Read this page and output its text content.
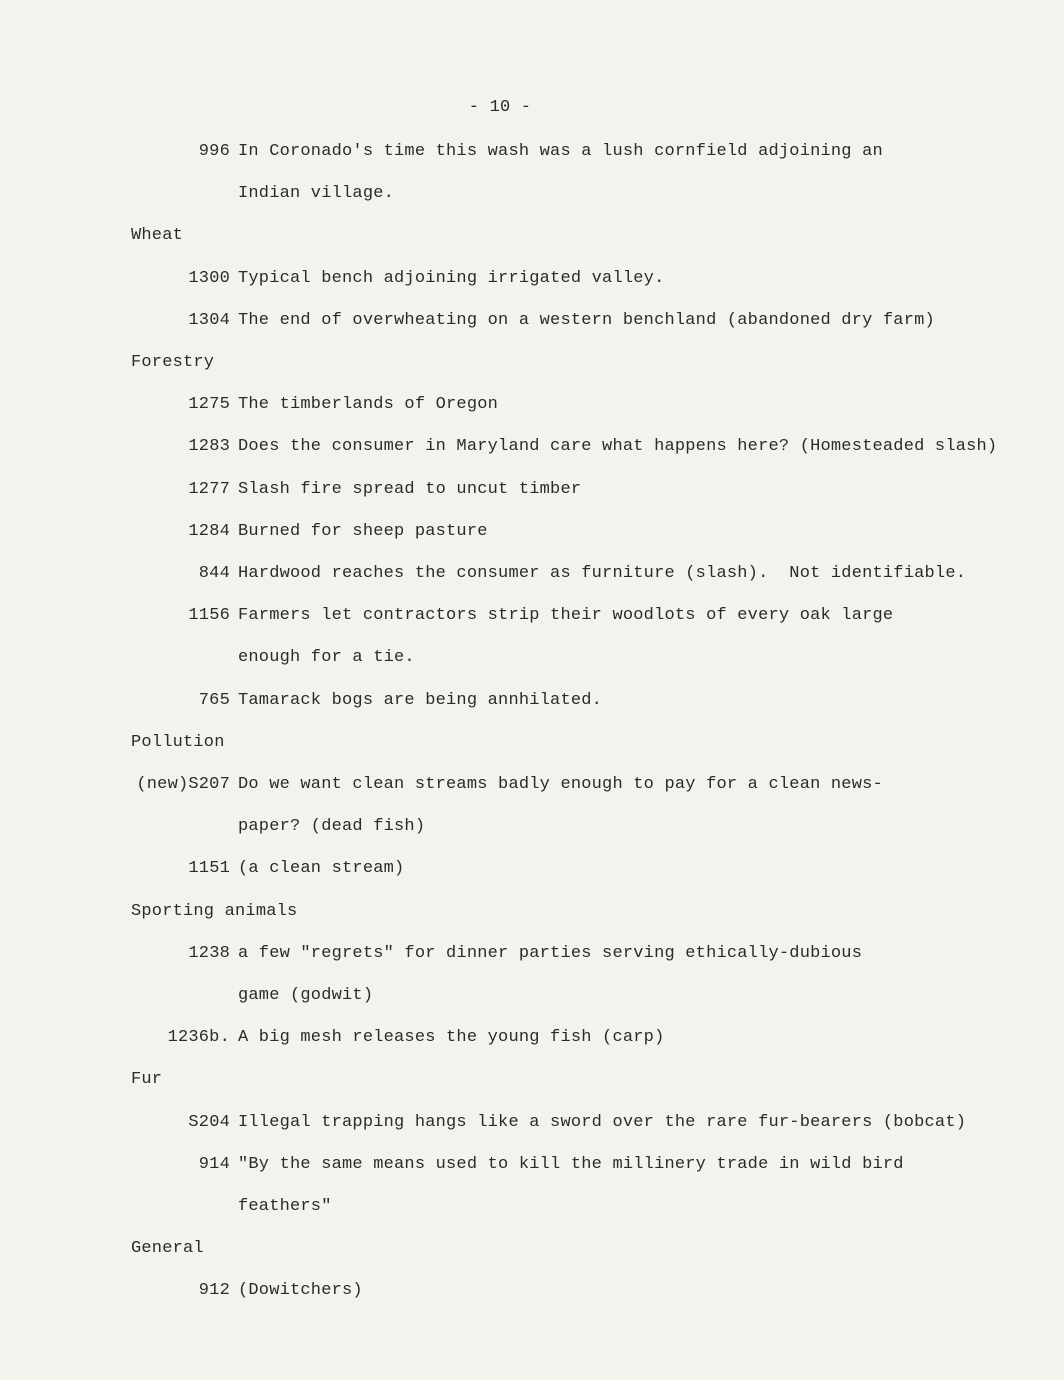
- 10 -
996 In Coronado's time this wash was a lush cornfield adjoining an
Indian village.
Wheat
1300 Typical bench adjoining irrigated valley.
1304 The end of overwheating on a western benchland (abandoned dry farm)
Forestry
1275 The timberlands of Oregon
1283 Does the consumer in Maryland care what happens here? (Homesteaded slash)
1277 Slash fire spread to uncut timber
1284 Burned for sheep pasture
844 Hardwood reaches the consumer as furniture (slash).  Not identifiable.
1156 Farmers let contractors strip their woodlots of every oak large
enough for a tie.
765 Tamarack bogs are being annhilated.
Pollution
(new)S207 Do we want clean streams badly enough to pay for a clean news-
paper? (dead fish)
1151 (a clean stream)
Sporting animals
1238 a few "regrets" for dinner parties serving ethically-dubious
game (godwit)
1236b. A big mesh releases the young fish (carp)
Fur
S204 Illegal trapping hangs like a sword over the rare fur-bearers (bobcat)
914 "By the same means used to kill the millinery trade in wild bird
feathers"
General
912 (Dowitchers)
